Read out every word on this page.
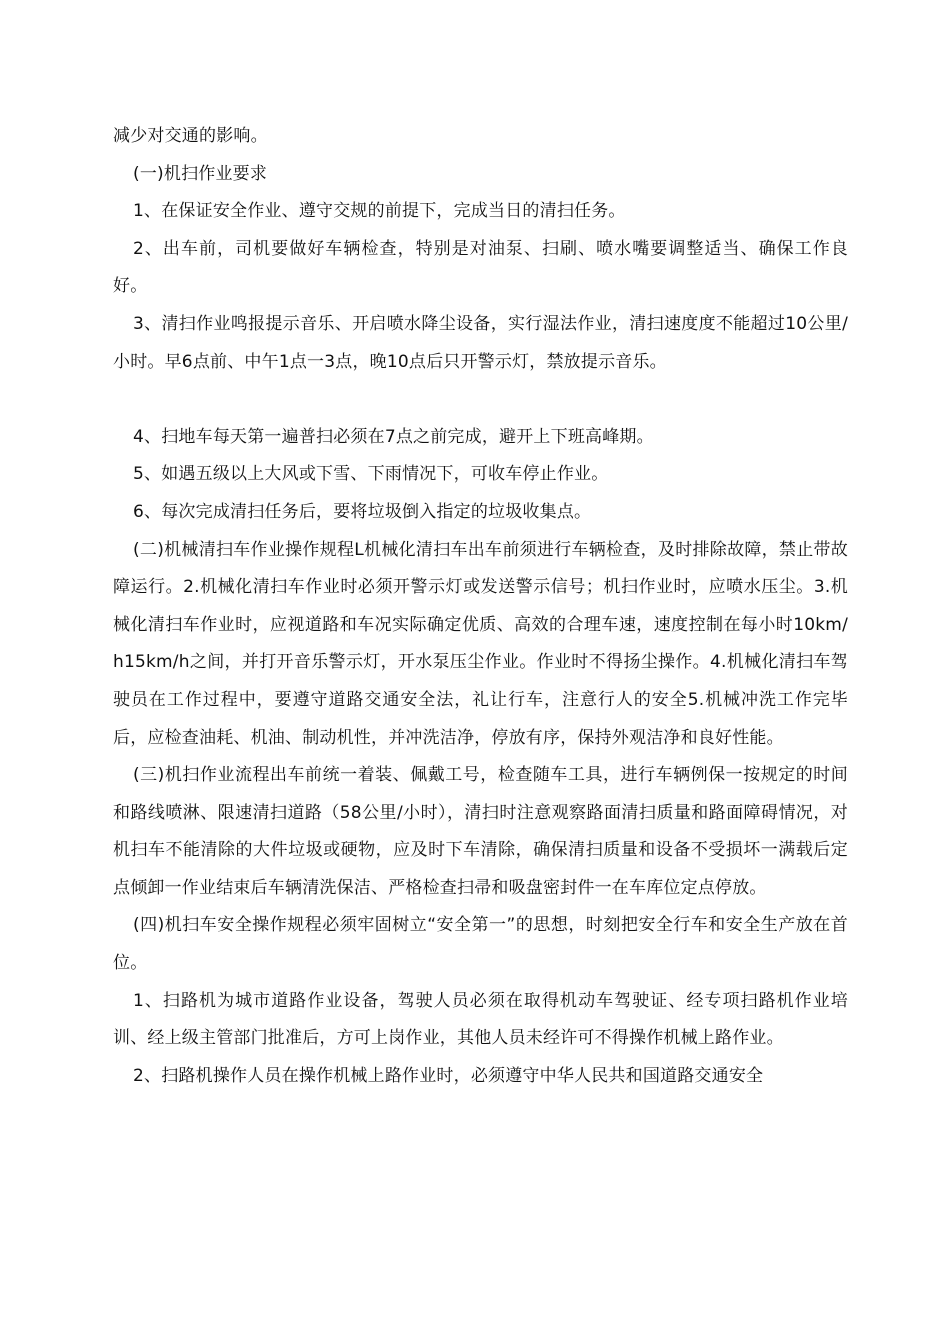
减少对交通的影响。

(一)机扫作业要求

1、在保证安全作业、遵守交规的前提下，完成当日的清扫任务。

2、出车前，司机要做好车辆检查，特别是对油泵、扫刷、喷水嘴要调整适当、确保工作良好。

3、清扫作业鸣报提示音乐、开启喷水降尘设备，实行湿法作业，清扫速度度不能超过10公里/小时。早6点前、中午1点一3点，晚10点后只开警示灯，禁放提示音乐。

4、扫地车每天第一遍普扫必须在7点之前完成，避开上下班高峰期。

5、如遇五级以上大风或下雪、下雨情况下，可收车停止作业。

6、每次完成清扫任务后，要将垃圾倒入指定的垃圾收集点。

(二)机械清扫车作业操作规程L机械化清扫车出车前须进行车辆检查，及时排除故障，禁止带故障运行。2.机械化清扫车作业时必须开警示灯或发送警示信号；机扫作业时，应喷水压尘。3.机械化清扫车作业时，应视道路和车况实际确定优质、高效的合理车速，速度控制在每小时10km/h15km/h之间，并打开音乐警示灯，开水泵压尘作业。作业时不得扬尘操作。4.机械化清扫车驾驶员在工作过程中，要遵守道路交通安全法，礼让行车，注意行人的安全5.机械冲洗工作完毕后，应检查油耗、机油、制动机性，并冲洗洁净，停放有序，保持外观洁净和良好性能。

(三)机扫作业流程出车前统一着装、佩戴工号，检查随车工具，进行车辆例保一按规定的时间和路线喷淋、限速清扫道路（58公里/小时），清扫时注意观察路面清扫质量和路面障碍情况，对机扫车不能清除的大件垃圾或硬物，应及时下车清除，确保清扫质量和设备不受损坏一满载后定点倾卸一作业结束后车辆清洗保洁、严格检查扫帚和吸盘密封件一在车库位定点停放。

(四)机扫车安全操作规程必须牢固树立“安全第一”的思想，时刻把安全行车和安全生产放在首位。

1、扫路机为城市道路作业设备，驾驶人员必须在取得机动车驾驶证、经专项扫路机作业培训、经上级主管部门批准后，方可上岗作业，其他人员未经许可不得操作机械上路作业。

2、扫路机操作人员在操作机械上路作业时，必须遵守中华人民共和国道路交通安全
